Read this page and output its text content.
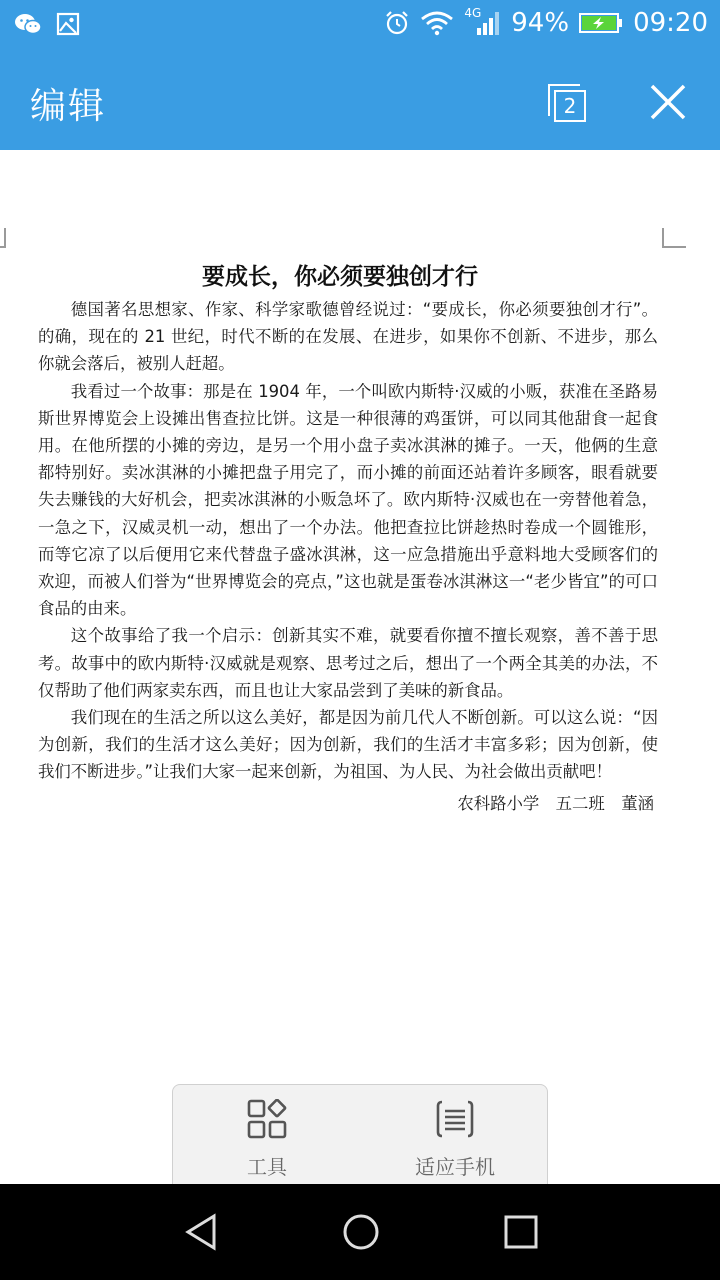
4G 94% 09:20
编辑	2
要成长，你必须要独创才行

德国著名思想家、作家、科学家歌德曾经说过：“要成长，你必须要独创才行”。的确，现在的 21 世纪，时代不断的在发展、在进步，如果你不创新、不进步，那么你就会落后，被别人赶超。

我看过一个故事：那是在 1904 年，一个叫欧内斯特·汉威的小贩，获准在圣路易斯世界博览会上设摊出售查拉比饼。这是一种很薄的鸡蛋饼，可以同其他甜食一起食用。在他所摆的小摊的旁边，是另一个用小盘子卖冰淇淋的摊子。一天，他俩的生意都特别好。卖冰淇淋的小摊把盘子用完了，而小摊的前面还站着许多顾客，眼看就要失去赚钱的大好机会，把卖冰淇淋的小贩急坏了。欧内斯特·汉威也在一旁替他着急，一急之下，汉威灵机一动，想出了一个办法。他把查拉比饼趁热时卷成一个圆锥形，而等它凉了以后便用它来代替盘子盛冰淇淋，这一应急措施出乎意料地大受顾客们的欢迎，而被人们誉为“世界博览会的亮点，”这也就是蛋卷冰淇淋这一“老少皆宜”的可口食品的由来。

这个故事给了我一个启示：创新其实不难，就要看你擅不擅长观察，善不善于思考。故事中的欧内斯特·汉威就是观察、思考过之后，想出了一个两全其美的办法，不仅帮助了他们两家卖东西，而且也让大家品尝到了美味的新食品。

我们现在的生活之所以这么美好，都是因为前几代人不断创新。可以这么说：“因为创新，我们的生活才这么美好；因为创新，我们的生活才丰富多彩；因为创新，使我们不断进步。”让我们大家一起来创新，为祖国、为人民、为社会做出贡献吧！

农科路小学　五二班　董涵
工具	适应手机
